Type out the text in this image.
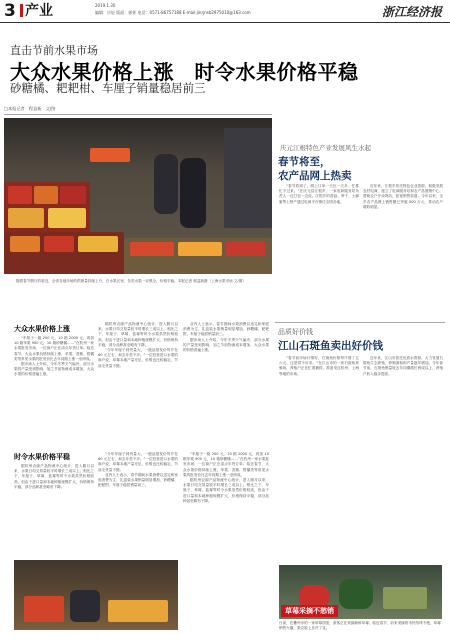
3 产业	2019.1.30
编辑：应轻 版面：郭挥 电话：0571-86757188 E-mail:jinrjnsb2975010@163.com	浙江经济报
直击节前水果市场
大众水果价格上涨　时令水果价格平稳
砂糖橘、耙耙柑、车厘子销量稳居前三
□本报记者　程益新　文/图
随着春节假日的临近，全省各地市场的供销量持续上升，在水果区里，各类水果一应俱全，价格平稳。本报记者 程益新摄（上海水果市场 文/图）
大众水果价格上涨

“车厘子一箱 200 元，10 箱 2000 元，再加 10 箱苹果 900 元，10 箱砂糖橘……”在杭州一家水果批发市场，一位商户正在清点年货订单。临近春节，大众水果价格持续上涨，苹果、香蕉、柑橘类等常见水果的批发价比去年同期上涨一至两成。

据市场人士介绍，今年冬季天气偏冷，部分水果的产量受到影响，加之节前物流成本增加，大众水果的价格普遍上涨。

据杭州农副产品物流中心统计，进入腊月以来，水果日均交易量较平时增长三成以上。相比之下，车厘子、草莓、蓝莓等时令水果虽然价格较高，但由于进口量和本地种植规模扩大，价格保持平稳，部分品种甚至略有下降。

“今年车厘子到货量大，一级品批发价每斤在 60 元左右，和去年差不多。”一位经营进口水果的商户说，草莓本地产量充足，价格也比较稳定，节前走货量不错。

业内人士表示，春节期间水果消费以送礼和家庭消费为主，礼盒装水果销量明显增加，砂糖橘、耙耙柑、车厘子稳居销量前三。

据市场人士介绍，今年冬季天气偏冷，部分水果的产量受到影响，加之节前物流成本增加，大众水果的价格普遍上涨。

时令水果价格平稳

据杭州农副产品物流中心统计，进入腊月以来，水果日均交易量较平时增长三成以上。相比之下，车厘子、草莓、蓝莓等时令水果虽然价格较高，但由于进口量和本地种植规模扩大，价格保持平稳，部分品种甚至略有下降。

“今年车厘子到货量大，一级品批发价每斤在 60 元左右，和去年差不多。”一位经营进口水果的商户说，草莓本地产量充足，价格也比较稳定，节前走货量不错。

业内人士表示，春节期间水果消费以送礼和家庭消费为主，礼盒装水果销量明显增加，砂糖橘、耙耙柑、车厘子稳居销量前三。

“车厘子一箱 200 元，10 箱 2000 元，再加 10 箱苹果 900 元，10 箱砂糖橘……”在杭州一家水果批发市场，一位商户正在清点年货订单。临近春节，大众水果价格持续上涨，苹果、香蕉、柑橘类等常见水果的批发价比去年同期上涨一至两成。

据杭州农副产品物流中心统计，进入腊月以来，水果日均交易量较平时增长三成以上。相比之下，车厘子、草莓、蓝莓等时令水果虽然价格较高，但由于进口量和本地种植规模扩大，价格保持平稳，部分品种甚至略有下降。

庆元江根特色产业发展风生水起
春节将至，
农产品网上热卖

“春节将到了，网上订单一天比一天多，忙都忙不过来。”在庆元县江根乡，一家电商服务站负责人一边打包一边说。江根乡的香菇、笋干、土蜂蜜等土特产通过电商平台销往全国各地。

近年来，江根乡依托特色农业资源，积极发展农村电商，建立了电商服务站和农产品展销中心，帮助农户开设网店，拓宽销售渠道。今年以来，全乡农产品网上销售额已突破 500 万元，带动农户增收明显。

品质好价钱
江山石斑鱼卖出好价钱

“春节前市场行情好，石斑鱼价格每斤涨了五六元，还是供不应求。”在江山市的一家石斑鱼养殖场，养殖户正在忙着捕捞，准备发往杭州、上海等地的市场。

近年来，江山市依托优质水资源，大力发展石斑鱼生态养殖，养殖面积和产量逐年增加。今年春节前，石斑鱼销量较去年同期增长两成以上，养殖户收入稳步提高。

草莓采摘不愁销
日前，在衢州市的一家草莓园里，游客正在采摘新鲜草莓。临近春节，前来采摘的市民络绎不绝，草莓销售火爆，果农脸上乐开了花。
